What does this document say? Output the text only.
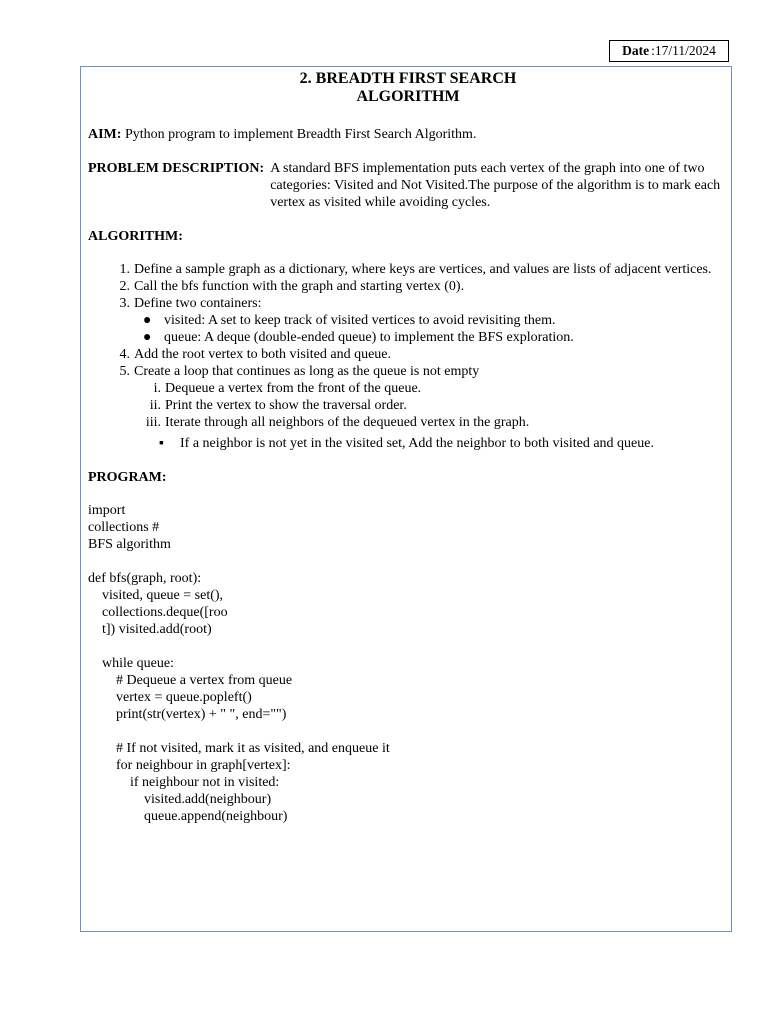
Date :17/11/2024

2. BREADTH FIRST SEARCH

ALGORITHM

AIM: Python program to implement Breadth First Search Algorithm.
PROBLEM DESCRIPTION: A standard BFS implementation puts each vertex of the graph into one of two categories: Visited and Not Visited.The purpose of the algorithm is to mark each vertex as visited while avoiding cycles.
ALGORITHM:
1. Define a sample graph as a dictionary, where keys are vertices, and values are lists of adjacent vertices.
2. Call the bfs function with the graph and starting vertex (0).
3. Define two containers:
● visited: A set to keep track of visited vertices to avoid revisiting them.
● queue: A deque (double-ended queue) to implement the BFS exploration.
4. Add the root vertex to both visited and queue.
5. Create a loop that continues as long as the queue is not empty
i. Dequeue a vertex from the front of the queue.
ii. Print the vertex to show the traversal order.
iii. Iterate through all neighbors of the dequeued vertex in the graph.
▪ If a neighbor is not yet in the visited set, Add the neighbor to both visited and queue.
PROGRAM:

import

collections #

BFS algorithm

def bfs(graph, root):

visited, queue = set(),

collections.deque([roo

t]) visited.add(root)

while queue:

# Dequeue a vertex from queue

vertex = queue.popleft()

print(str(vertex) + " ", end="")

# If not visited, mark it as visited, and enqueue it

for neighbour in graph[vertex]:

if neighbour not in visited:

visited.add(neighbour)

queue.append(neighbour)
